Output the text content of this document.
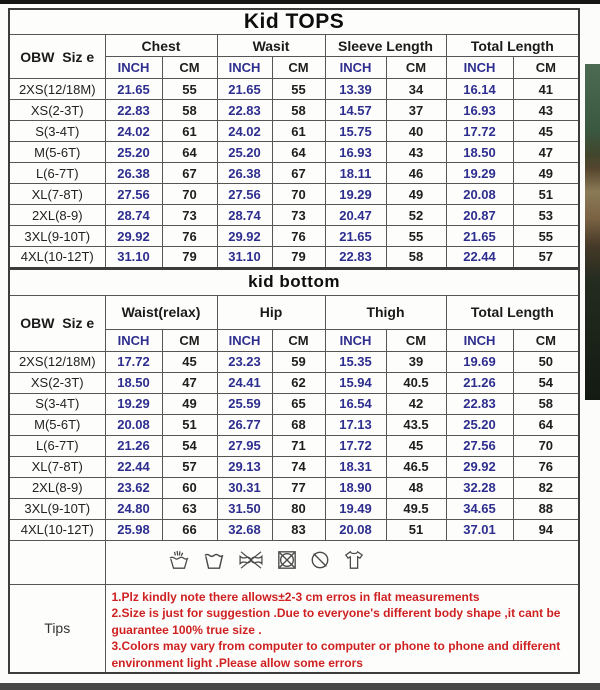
Kid TOPS								
OBW  Siz e	Chest		Wasit		Sleeve Length		Total Length	
	INCH	CM	INCH	CM	INCH	CM	INCH	CM
2XS(12/18M)	21.65	55	21.65	55	13.39	34	16.14	41
XS(2-3T)	22.83	58	22.83	58	14.57	37	16.93	43
S(3-4T)	24.02	61	24.02	61	15.75	40	17.72	45
M(5-6T)	25.20	64	25.20	64	16.93	43	18.50	47
L(6-7T)	26.38	67	26.38	67	18.11	46	19.29	49
XL(7-8T)	27.56	70	27.56	70	19.29	49	20.08	51
2XL(8-9)	28.74	73	28.74	73	20.47	52	20.87	53
3XL(9-10T)	29.92	76	29.92	76	21.65	55	21.65	55
4XL(10-12T)	31.10	79	31.10	79	22.83	58	22.44	57
kid bottom								
OBW  Siz e	Waist(relax)		Hip		Thigh		Total Length	
	INCH	CM	INCH	CM	INCH	CM	INCH	CM
2XS(12/18M)	17.72	45	23.23	59	15.35	39	19.69	50
XS(2-3T)	18.50	47	24.41	62	15.94	40.5	21.26	54
S(3-4T)	19.29	49	25.59	65	16.54	42	22.83	58
M(5-6T)	20.08	51	26.77	68	17.13	43.5	25.20	64
L(6-7T)	21.26	54	27.95	71	17.72	45	27.56	70
XL(7-8T)	22.44	57	29.13	74	18.31	46.5	29.92	76
2XL(8-9)	23.62	60	30.31	77	18.90	48	32.28	82
3XL(9-10T)	24.80	63	31.50	80	19.49	49.5	34.65	88
4XL(10-12T)	25.98	66	32.68	83	20.08	51	37.01	94

Tips	1.Plz kindly note there allows±2-3 cm erros in flat measurements
2.Size is just for suggestion .Due to everyone's different body shape ,it cant be guarantee 100% true size .
3.Colors may vary from computer to computer or phone to phone and different environment light .Please allow some errors							
